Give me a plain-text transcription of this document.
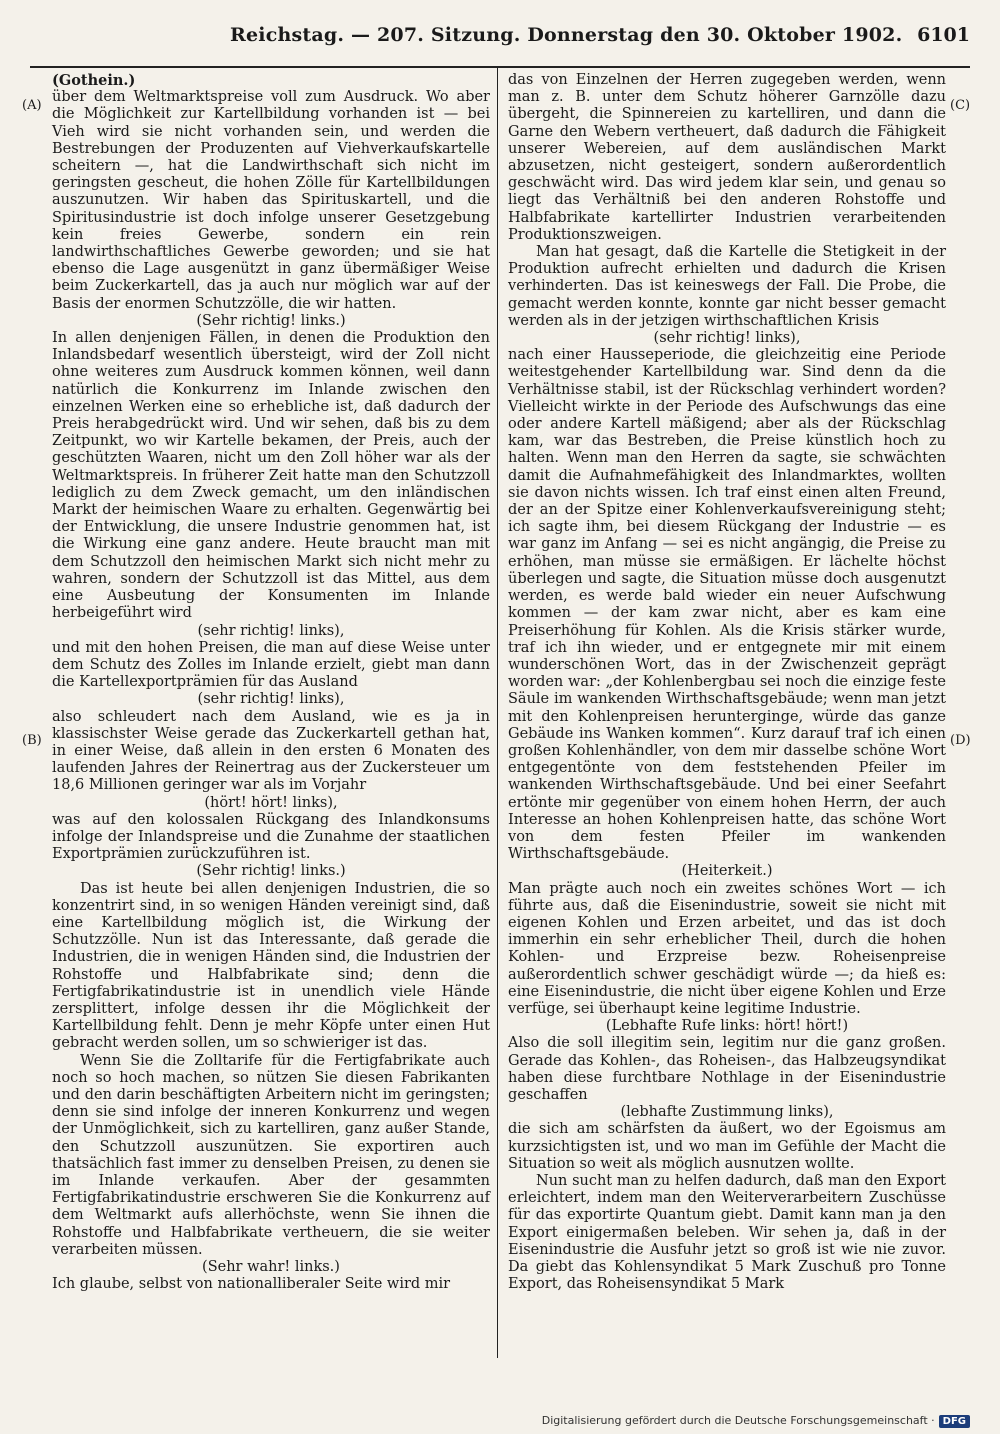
Reichstag. — 207. Sitzung. Donnerstag den 30. Oktober 1902. 6101
(A)
(B)
(C)
(D)

(Gothein.)

über dem Weltmarktspreise voll zum Ausdruck. Wo aber die Möglichkeit zur Kartellbildung vorhanden ist — bei Vieh wird sie nicht vorhanden sein, und werden die Bestrebungen der Produzenten auf Viehverkaufskartelle scheitern —, hat die Landwirthschaft sich nicht im geringsten gescheut, die hohen Zölle für Kartellbildungen auszunutzen. Wir haben das Spirituskartell, und die Spiritusindustrie ist doch infolge unserer Gesetzgebung kein freies Gewerbe, sondern ein rein landwirthschaftliches Gewerbe geworden; und sie hat ebenso die Lage ausgenützt in ganz übermäßiger Weise beim Zuckerkartell, das ja auch nur möglich war auf der Basis der enormen Schutzzölle, die wir hatten.

(Sehr richtig! links.)

In allen denjenigen Fällen, in denen die Produktion den Inlandsbedarf wesentlich übersteigt, wird der Zoll nicht ohne weiteres zum Ausdruck kommen können, weil dann natürlich die Konkurrenz im Inlande zwischen den einzelnen Werken eine so erhebliche ist, daß dadurch der Preis herabgedrückt wird. Und wir sehen, daß bis zu dem Zeitpunkt, wo wir Kartelle bekamen, der Preis, auch der geschützten Waaren, nicht um den Zoll höher war als der Weltmarktspreis. In früherer Zeit hatte man den Schutzzoll lediglich zu dem Zweck gemacht, um den inländischen Markt der heimischen Waare zu erhalten. Gegenwärtig bei der Entwicklung, die unsere Industrie genommen hat, ist die Wirkung eine ganz andere. Heute braucht man mit dem Schutzzoll den heimischen Markt sich nicht mehr zu wahren, sondern der Schutzzoll ist das Mittel, aus dem eine Ausbeutung der Konsumenten im Inlande herbeigeführt wird

(sehr richtig! links),

und mit den hohen Preisen, die man auf diese Weise unter dem Schutz des Zolles im Inlande erzielt, giebt man dann die Kartellexportprämien für das Ausland

(sehr richtig! links),

also schleudert nach dem Ausland, wie es ja in klassischster Weise gerade das Zuckerkartell gethan hat, in einer Weise, daß allein in den ersten 6 Monaten des laufenden Jahres der Reinertrag aus der Zuckersteuer um 18,6 Millionen geringer war als im Vorjahr

(hört! hört! links),

was auf den kolossalen Rückgang des Inlandkonsums infolge der Inlandspreise und die Zunahme der staatlichen Exportprämien zurückzuführen ist.

(Sehr richtig! links.)

Das ist heute bei allen denjenigen Industrien, die so konzentrirt sind, in so wenigen Händen vereinigt sind, daß eine Kartellbildung möglich ist, die Wirkung der Schutzzölle. Nun ist das Interessante, daß gerade die Industrien, die in wenigen Händen sind, die Industrien der Rohstoffe und Halbfabrikate sind; denn die Fertigfabrikatindustrie ist in unendlich viele Hände zersplittert, infolge dessen ihr die Möglichkeit der Kartellbildung fehlt. Denn je mehr Köpfe unter einen Hut gebracht werden sollen, um so schwieriger ist das.

Wenn Sie die Zolltarife für die Fertigfabrikate auch noch so hoch machen, so nützen Sie diesen Fabrikanten und den darin beschäftigten Arbeitern nicht im geringsten; denn sie sind infolge der inneren Konkurrenz und wegen der Unmöglichkeit, sich zu kartelliren, ganz außer Stande, den Schutzzoll auszunützen. Sie exportiren auch thatsächlich fast immer zu denselben Preisen, zu denen sie im Inlande verkaufen. Aber der gesammten Fertigfabrikatindustrie erschweren Sie die Konkurrenz auf dem Weltmarkt aufs allerhöchste, wenn Sie ihnen die Rohstoffe und Halbfabrikate vertheuern, die sie weiter verarbeiten müssen.

(Sehr wahr! links.)

Ich glaube, selbst von nationalliberaler Seite wird mir

das von Einzelnen der Herren zugegeben werden, wenn man z. B. unter dem Schutz höherer Garnzölle dazu übergeht, die Spinnereien zu kartelliren, und dann die Garne den Webern vertheuert, daß dadurch die Fähigkeit unserer Webereien, auf dem ausländischen Markt abzusetzen, nicht gesteigert, sondern außerordentlich geschwächt wird. Das wird jedem klar sein, und genau so liegt das Verhältniß bei den anderen Rohstoffe und Halbfabrikate kartellirter Industrien verarbeitenden Produktionszweigen.

Man hat gesagt, daß die Kartelle die Stetigkeit in der Produktion aufrecht erhielten und dadurch die Krisen verhinderten. Das ist keineswegs der Fall. Die Probe, die gemacht werden konnte, konnte gar nicht besser gemacht werden als in der jetzigen wirthschaftlichen Krisis

(sehr richtig! links),

nach einer Hausseperiode, die gleichzeitig eine Periode weitestgehender Kartellbildung war. Sind denn da die Verhältnisse stabil, ist der Rückschlag verhindert worden? Vielleicht wirkte in der Periode des Aufschwungs das eine oder andere Kartell mäßigend; aber als der Rückschlag kam, war das Bestreben, die Preise künstlich hoch zu halten. Wenn man den Herren da sagte, sie schwächten damit die Aufnahmefähigkeit des Inlandmarktes, wollten sie davon nichts wissen. Ich traf einst einen alten Freund, der an der Spitze einer Kohlenverkaufsvereinigung steht; ich sagte ihm, bei diesem Rückgang der Industrie — es war ganz im Anfang — sei es nicht angängig, die Preise zu erhöhen, man müsse sie ermäßigen. Er lächelte höchst überlegen und sagte, die Situation müsse doch ausgenutzt werden, es werde bald wieder ein neuer Aufschwung kommen — der kam zwar nicht, aber es kam eine Preiserhöhung für Kohlen. Als die Krisis stärker wurde, traf ich ihn wieder, und er entgegnete mir mit einem wunderschönen Wort, das in der Zwischenzeit geprägt worden war: „der Kohlenbergbau sei noch die einzige feste Säule im wankenden Wirthschaftsgebäude; wenn man jetzt mit den Kohlenpreisen herunterginge, würde das ganze Gebäude ins Wanken kommen“. Kurz darauf traf ich einen großen Kohlenhändler, von dem mir dasselbe schöne Wort entgegentönte von dem feststehenden Pfeiler im wankenden Wirthschaftsgebäude. Und bei einer Seefahrt ertönte mir gegenüber von einem hohen Herrn, der auch Interesse an hohen Kohlenpreisen hatte, das schöne Wort von dem festen Pfeiler im wankenden Wirthschaftsgebäude.

(Heiterkeit.)

Man prägte auch noch ein zweites schönes Wort — ich führte aus, daß die Eisenindustrie, soweit sie nicht mit eigenen Kohlen und Erzen arbeitet, und das ist doch immerhin ein sehr erheblicher Theil, durch die hohen Kohlen- und Erzpreise bezw. Roheisenpreise außerordentlich schwer geschädigt würde —; da hieß es: eine Eisenindustrie, die nicht über eigene Kohlen und Erze verfüge, sei überhaupt keine legitime Industrie.

(Lebhafte Rufe links: hört! hört!)

Also die soll illegitim sein, legitim nur die ganz großen. Gerade das Kohlen-, das Roheisen-, das Halbzeugsyndikat haben diese furchtbare Nothlage in der Eisenindustrie geschaffen

(lebhafte Zustimmung links),

die sich am schärfsten da äußert, wo der Egoismus am kurzsichtigsten ist, und wo man im Gefühle der Macht die Situation so weit als möglich ausnutzen wollte.

Nun sucht man zu helfen dadurch, daß man den Export erleichtert, indem man den Weiterverarbeitern Zuschüsse für das exportirte Quantum giebt. Damit kann man ja den Export einigermaßen beleben. Wir sehen ja, daß in der Eisenindustrie die Ausfuhr jetzt so groß ist wie nie zuvor. Da giebt das Kohlensyndikat 5 Mark Zuschuß pro Tonne Export, das Roheisensyndikat 5 Mark

Digitalisierung gefördert durch die Deutsche Forschungsgemeinschaft · DFG
